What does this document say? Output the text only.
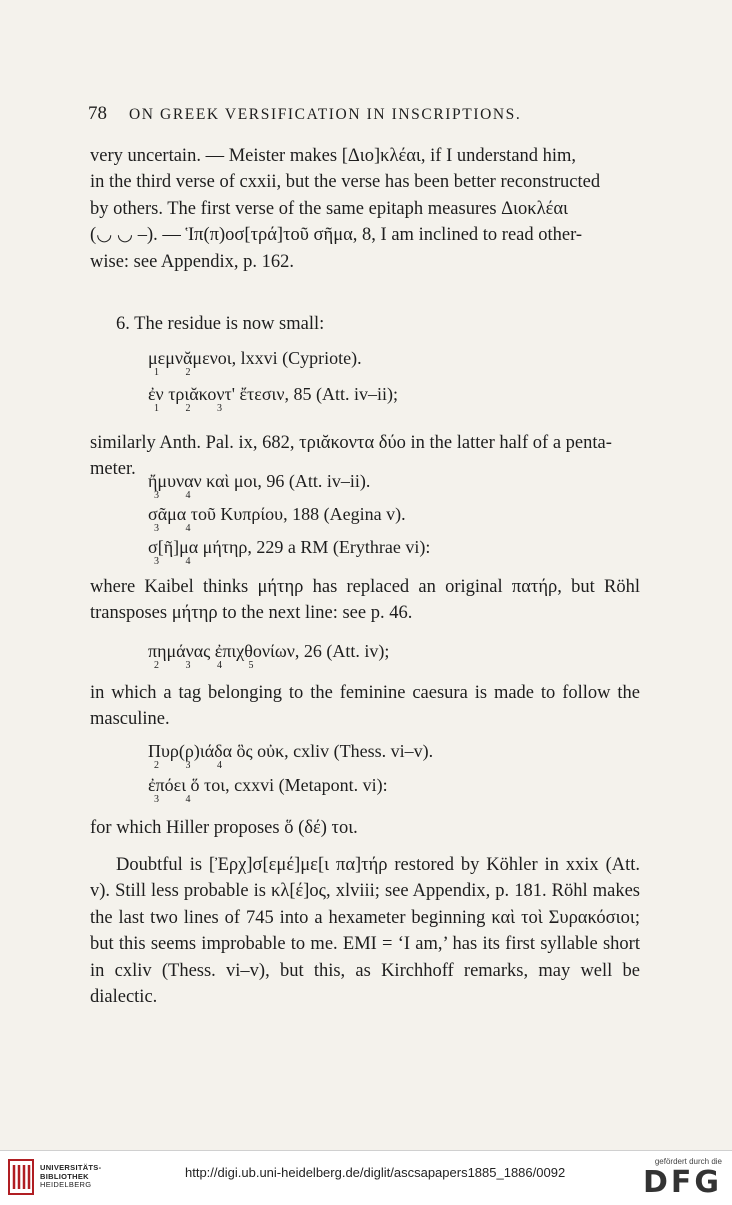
78 ON GREEK VERSIFICATION IN INSCRIPTIONS.
very uncertain. — Meister makes [Διο]κλέαι, if I understand him,
in the third verse of cxxii, but the verse has been better reconstructed
by others. The first verse of the same epitaph measures Διοκλέαι
(◡ ◡ –). — Ἱπ(π)οσ[τρά]τοῦ σῆμα, 8, I am inclined to read other-
wise: see Appendix, p. 162.
6. The residue is now small:
μεμνᾰμενοι, lxxvi (Cypriote).
1 2
ἐν τριᾰκοντ' ἔτεσιν, 85 (Att. iv–ii);
1 2 3
similarly Anth. Pal. ix, 682, τριᾰκοντα δύο in the latter half of a penta-
meter.
ἤμυναν καὶ μοι, 96 (Att. iv–ii).
3 4
σᾶμα τοῦ Κυπρίου, 188 (Aegina v).
3 4
σ[ῆ]μα μήτηρ, 229 a RM (Erythrae vi):
3 4
where Kaibel thinks μήτηρ has replaced an original πατήρ, but Röhl transposes μήτηρ to the next line: see p. 46.
πημάνας ἐπιχθονίων, 26 (Att. iv);
2 3 4 5
in which a tag belonging to the feminine caesura is made to follow the masculine.
Πυρ(ρ)ιάδα ὃς οὐκ, cxliv (Thess. vi–v).
2 3 4
ἐπόει ὅ τοι, cxxvi (Metapont. vi):
3 4
for which Hiller proposes ὅ (δέ) τοι.
Doubtful is [Ἐρχ]σ[εμέ]με[ι πα]τήρ restored by Köhler in xxix (Att. v). Still less probable is κλ[έ]ος, xlviii; see Appendix, p. 181. Röhl makes the last two lines of 745 into a hexameter beginning καὶ τοὶ Συρακόσιοι; but this seems improbable to me. EMI = ‘I am,’ has its first syllable short in cxliv (Thess. vi–v), but this, as Kirchhoff remarks, may well be dialectic.
UNIVERSITÄTS-
BIBLIOTHEK
HEIDELBERG
http://digi.ub.uni-heidelberg.de/diglit/ascsapapers1885_1886/0092
gefördert durch die
DFG
